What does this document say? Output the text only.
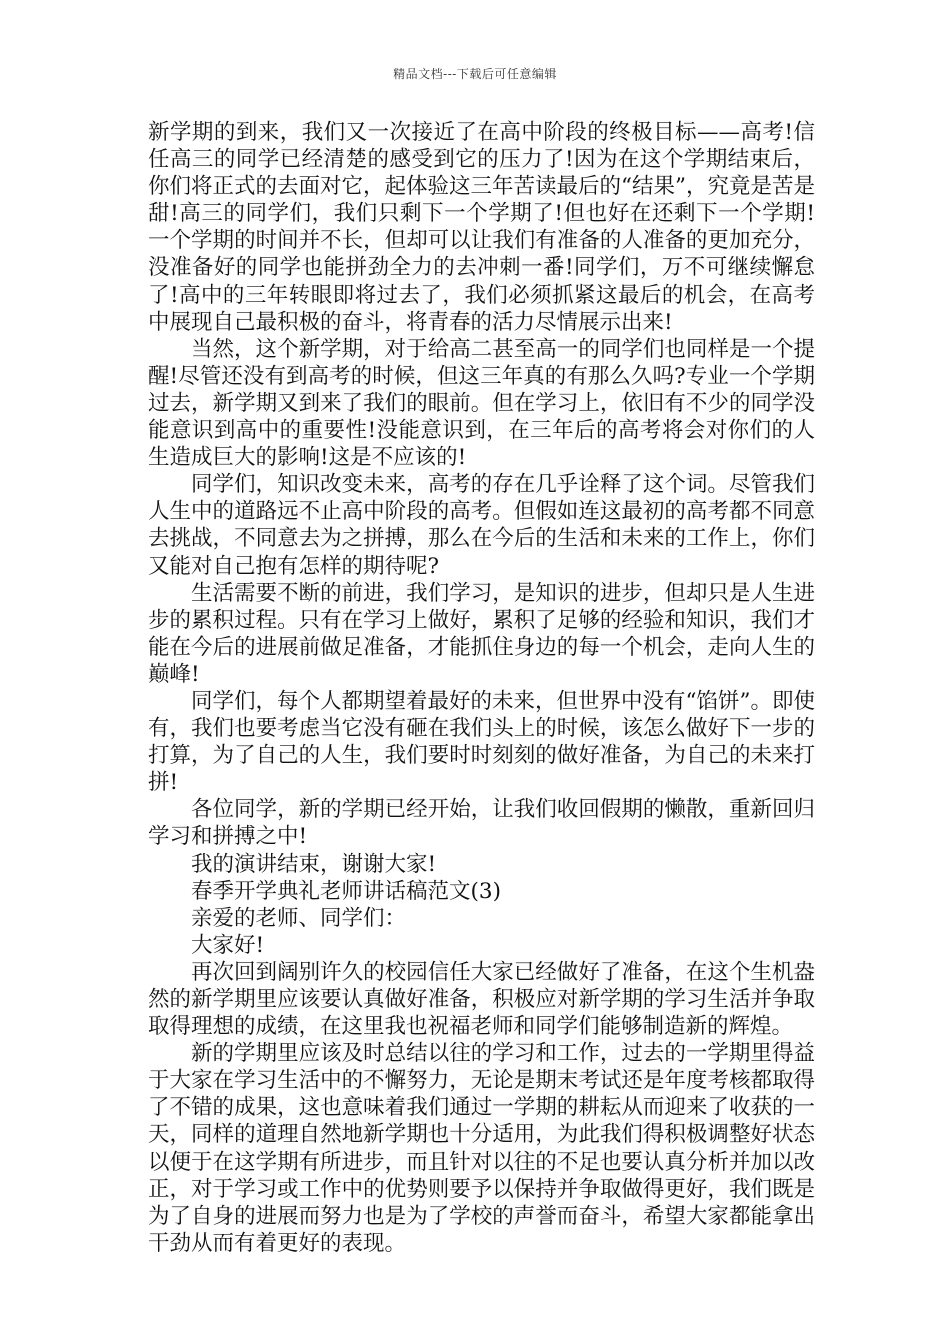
精品文档---下载后可任意编辑

新学期的到来，我们又一次接近了在高中阶段的终极目标——高考!信任高三的同学已经清楚的感受到它的压力了!因为在这个学期结束后，你们将正式的去面对它，起体验这三年苦读最后的“结果”，究竟是苦是甜!高三的同学们，我们只剩下一个学期了!但也好在还剩下一个学期!一个学期的时间并不长，但却可以让我们有准备的人准备的更加充分，没准备好的同学也能拼劲全力的去冲刺一番!同学们，万不可继续懈怠了!高中的三年转眼即将过去了，我们必须抓紧这最后的机会，在高考中展现自己最积极的奋斗，将青春的活力尽情展示出来!

当然，这个新学期，对于给高二甚至高一的同学们也同样是一个提醒!尽管还没有到高考的时候，但这三年真的有那么久吗?专业一个学期过去，新学期又到来了我们的眼前。但在学习上，依旧有不少的同学没能意识到高中的重要性!没能意识到，在三年后的高考将会对你们的人生造成巨大的影响!这是不应该的!

同学们，知识改变未来，高考的存在几乎诠释了这个词。尽管我们人生中的道路远不止高中阶段的高考。但假如连这最初的高考都不同意去挑战，不同意去为之拼搏，那么在今后的生活和未来的工作上，你们又能对自己抱有怎样的期待呢?

生活需要不断的前进，我们学习，是知识的进步，但却只是人生进步的累积过程。只有在学习上做好，累积了足够的经验和知识，我们才能在今后的进展前做足准备，才能抓住身边的每一个机会，走向人生的巅峰!

同学们，每个人都期望着最好的未来，但世界中没有“馅饼”。即使有，我们也要考虑当它没有砸在我们头上的时候，该怎么做好下一步的打算，为了自己的人生，我们要时时刻刻的做好准备，为自己的未来打拼!

各位同学，新的学期已经开始，让我们收回假期的懒散，重新回归学习和拼搏之中!

我的演讲结束，谢谢大家!

春季开学典礼老师讲话稿范文(3)

亲爱的老师、同学们：

大家好!

再次回到阔别许久的校园信任大家已经做好了准备，在这个生机盎然的新学期里应该要认真做好准备，积极应对新学期的学习生活并争取取得理想的成绩，在这里我也祝福老师和同学们能够制造新的辉煌。

新的学期里应该及时总结以往的学习和工作，过去的一学期里得益于大家在学习生活中的不懈努力，无论是期末考试还是年度考核都取得了不错的成果，这也意味着我们通过一学期的耕耘从而迎来了收获的一天，同样的道理自然地新学期也十分适用，为此我们得积极调整好状态以便于在这学期有所进步，而且针对以往的不足也要认真分析并加以改正，对于学习或工作中的优势则要予以保持并争取做得更好，我们既是为了自身的进展而努力也是为了学校的声誉而奋斗，希望大家都能拿出干劲从而有着更好的表现。
